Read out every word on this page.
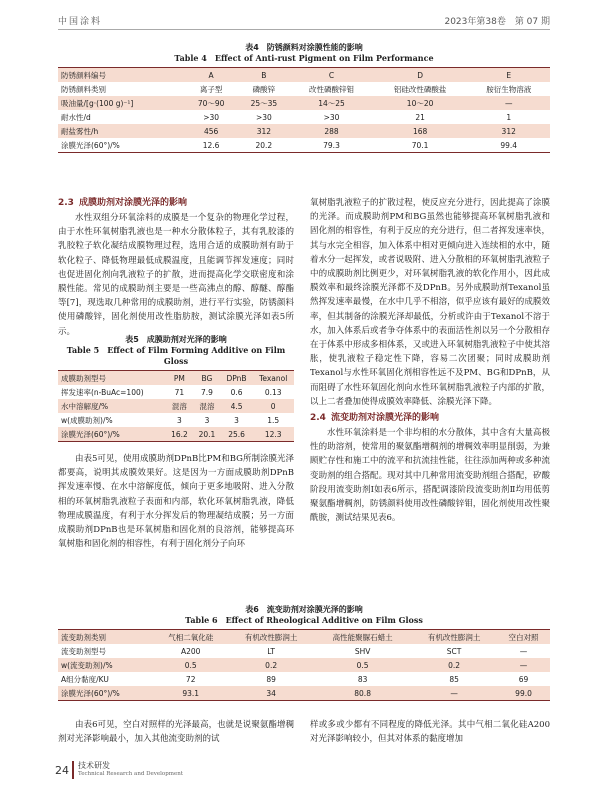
中国涂料	2023年第38卷　第 07 期
表4　防锈颜料对涂膜性能的影响
Table 4　Effect of Anti-rust Pigment on Film Performance
防锈颜料编号	A	B	C	D	E
防锈颜料类别	离子型	磷酸锌	改性磷酸锌钼	铝硅改性磷酸盐	胺衍生物溶液
吸油量/[g·(100 g)⁻¹]	70～90	25～35	14～25	10～20	—
耐水性/d	>30	>30	>30	21	1
耐盐雾性/h	456	312	288	168	312
涂膜光泽(60°)/%	12.6	20.2	79.3	70.1	99.4
2.3 成膜助剂对涂膜光泽的影响

水性双组分环氧涂料的成膜是一个复杂的物理化学过程，由于水性环氧树脂乳液也是一种水分散体粒子，其有乳胶漆的乳胶粒子软化凝结成膜物理过程，选用合适的成膜助剂有助于软化粒子、降低物理最低成膜温度，且能调节挥发速度；同时也促进固化剂向乳液粒子的扩散，进而提高化学交联密度和涂膜性能。常见的成膜助剂主要是一些高沸点的醇、醇醚、醇酯等[7]，现选取几种常用的成膜助剂，进行平行实验，防锈颜料使用磷酸锌，固化剂使用改性脂肪胺，测试涂膜光泽如表5所示。

表5　成膜助剂对光泽的影响
Table 5　Effect of Film Forming Additive on Film Gloss
成膜助剂型号	PM	BG	DPnB	Texanol
挥发速率(n-BuAc=100)	71	7.9	0.6	0.13
水中溶解度/%	混溶	混溶	4.5	0
w(成膜助剂)/%	3	3	3	1.5
涂膜光泽(60°)/%	16.2	20.1	25.6	12.3

由表5可见，使用成膜助剂DPnB比PM和BG所制涂膜光泽都要高，说明其成膜效果好。这是因为一方面成膜助剂DPnB挥发速率慢、在水中溶解度低，倾向于更多地吸附、进入分散相的环氧树脂乳液粒子表面和内部，软化环氧树脂乳液，降低物理成膜温度，有利于水分挥发后的物理凝结成膜；另一方面成膜助剂DPnB也是环氧树脂和固化剂的良溶剂，能够提高环氧树脂和固化剂的相容性，有利于固化剂分子向环

氧树脂乳液粒子的扩散过程，使反应充分进行，因此提高了涂膜的光泽。而成膜助剂PM和BG虽然也能够提高环氧树脂乳液和固化剂的相容性，有利于反应的充分进行，但二者挥发速率快，其与水完全相容，加入体系中相对更倾向进入连续相的水中，随着水分一起挥发，或者说吸附、进入分散相的环氧树脂乳液粒子中的成膜助剂比例更少，对环氧树脂乳液的软化作用小，因此成膜效率和最终涂膜光泽都不及DPnB。另外成膜助剂Texanol虽然挥发速率最慢，在水中几乎不相溶，似乎应该有最好的成膜效率，但其制备的涂膜光泽却最低，分析或许由于Texanol不溶于水，加入体系后或者争夺体系中的表面活性剂以另一个分散相存在于体系中形成多相体系，又或进入环氧树脂乳液粒子中使其溶胀，使乳液粒子稳定性下降，容易二次团聚；同时成膜助剂Texanol与水性环氧固化剂相容性远不及PM、BG和DPnB，从而阻碍了水性环氧固化剂向水性环氧树脂乳液粒子内部的扩散，以上二者叠加使得成膜效率降低、涂膜光泽下降。

2.4 流变助剂对涂膜光泽的影响

水性环氧涂料是一个非均相的水分散体，其中含有大量高极性的助溶剂，使常用的聚氨酯增稠剂的增稠效率明显削弱，为兼顾贮存性和施工中的流平和抗流挂性能，往往添加两种或多种流变助剂的组合搭配。现对其中几种常用流变助剂组合搭配，矽酸阶段用流变助剂Ⅰ如表6所示，搭配调漆阶段流变助剂Ⅱ均用低剪聚氨酯增稠剂，防锈颜料使用改性磷酸锌钼，固化剂使用改性聚酰胺，测试结果见表6。

表6　流变助剂对涂膜光泽的影响
Table 6　Effect of Rheological Additive on Film Gloss
流变助剂类别	气相二氧化硅	有机改性膨润土	高性能聚脲石蜡土	有机改性膨润土	空白对照
流变助剂型号	A200	LT	SHV	SCT	—
w(流变助剂)/%	0.5	0.2	0.5	0.2	—
A组分黏度/KU	72	89	83	85	69
涂膜光泽(60°)/%	93.1	34	80.8	—	99.0

由表6可见，空白对照样的光泽最高，也就是说聚氨酯增稠剂对光泽影响最小，加入其他流变助剂的试

样或多或少都有不同程度的降低光泽。其中气相二氧化硅A200对光泽影响较小，但其对体系的黏度增加

24 技术研发
Technical Research and Development
